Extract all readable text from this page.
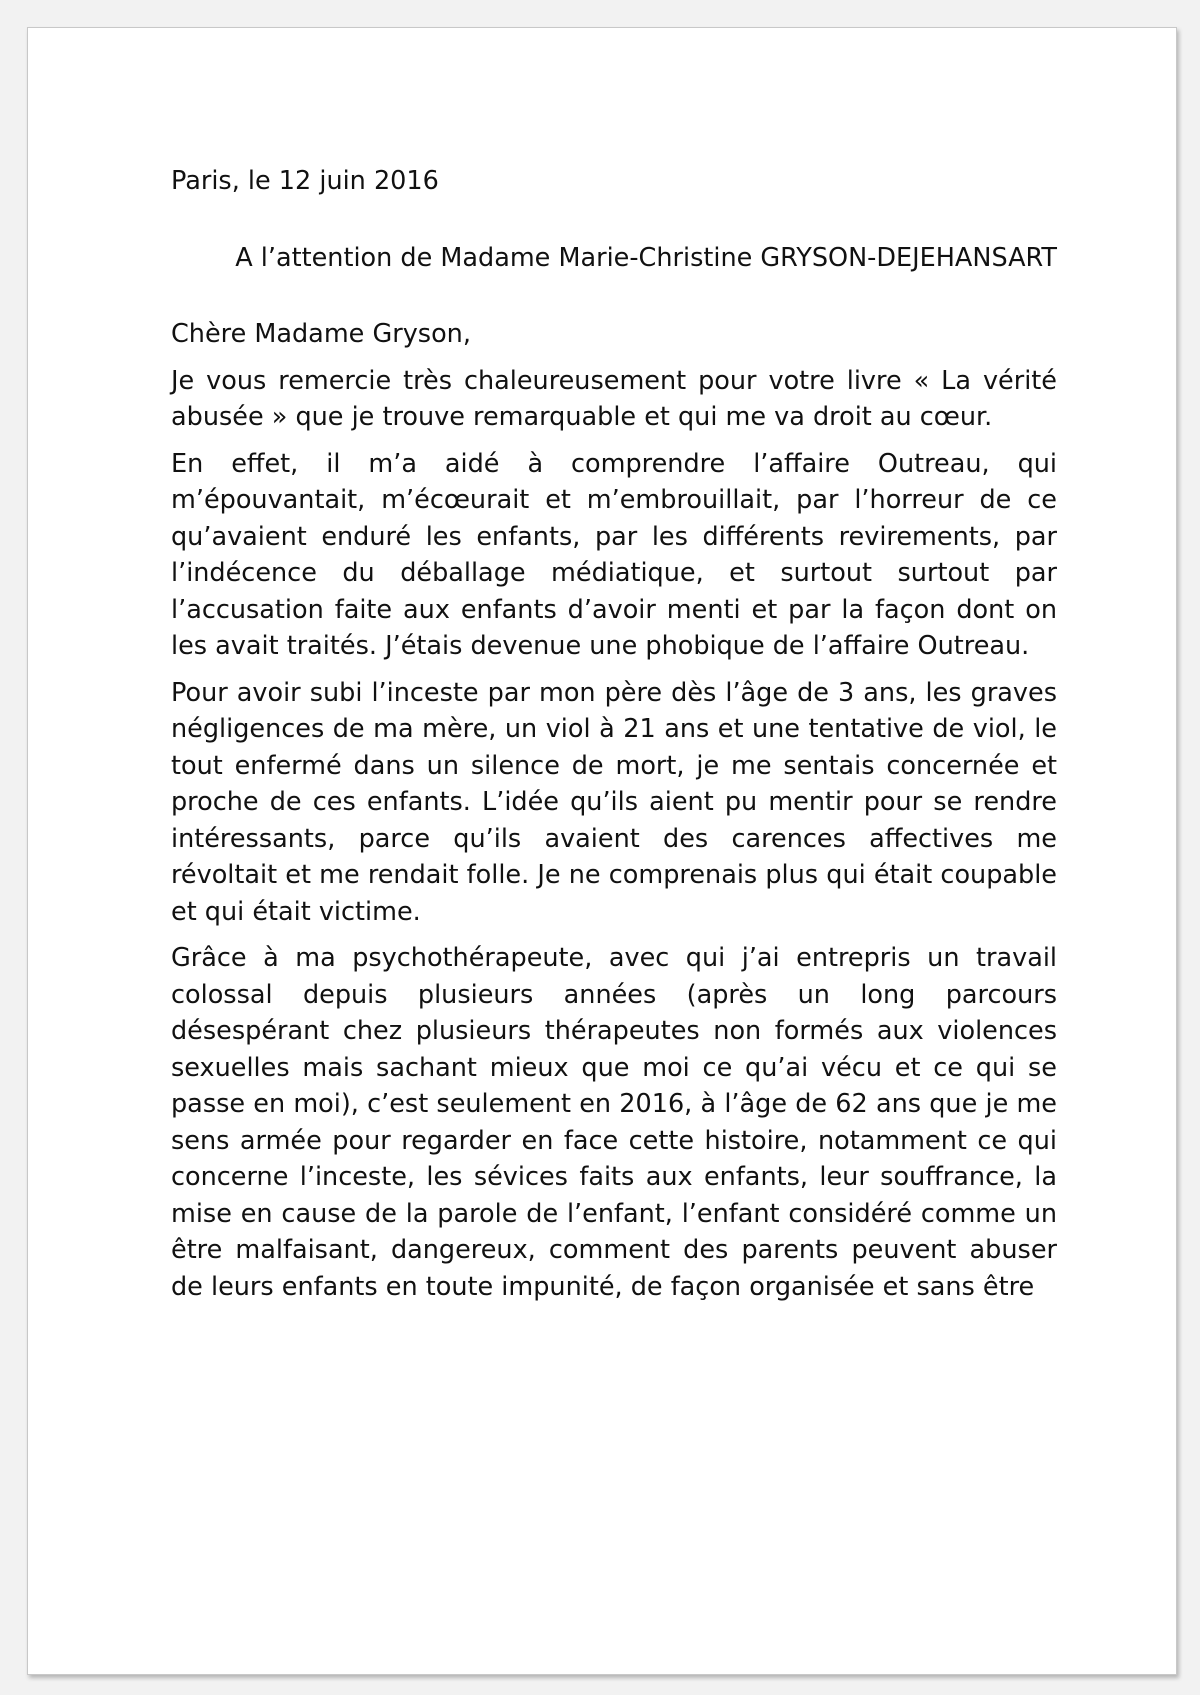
Paris, le 12 juin 2016

A l’attention de Madame Marie-Christine GRYSON-DEJEHANSART

Chère Madame Gryson,

Je vous remercie très chaleureusement pour votre livre « La vérité abusée » que je trouve remarquable et qui me va droit au cœur.

En effet, il m’a aidé à comprendre l’affaire Outreau, qui m’épouvantait, m’écœurait et m’embrouillait, par l’horreur de ce qu’avaient enduré les enfants, par les différents revirements, par l’indécence du déballage médiatique, et surtout surtout par l’accusation faite aux enfants d’avoir menti et par la façon dont on les avait traités. J’étais devenue une phobique de l’affaire Outreau.

Pour avoir subi l’inceste par mon père dès l’âge de 3 ans, les graves négligences de ma mère, un viol à 21 ans et une tentative de viol, le tout enfermé dans un silence de mort, je me sentais concernée et proche de ces enfants. L’idée qu’ils aient pu mentir pour se rendre intéressants, parce qu’ils avaient des carences affectives me révoltait et me rendait folle. Je ne comprenais plus qui était coupable et qui était victime.

Grâce à ma psychothérapeute, avec qui j’ai entrepris un travail colossal depuis plusieurs années (après un long parcours désespérant chez plusieurs thérapeutes non formés aux violences sexuelles mais sachant mieux que moi ce qu’ai vécu et ce qui se passe en moi), c’est seulement en 2016, à l’âge de 62 ans que je me sens armée pour regarder en face cette histoire, notamment ce qui concerne l’inceste, les sévices faits aux enfants, leur souffrance, la mise en cause de la parole de l’enfant, l’enfant considéré comme un être malfaisant, dangereux, comment des parents peuvent abuser de leurs enfants en toute impunité, de façon organisée et sans être
